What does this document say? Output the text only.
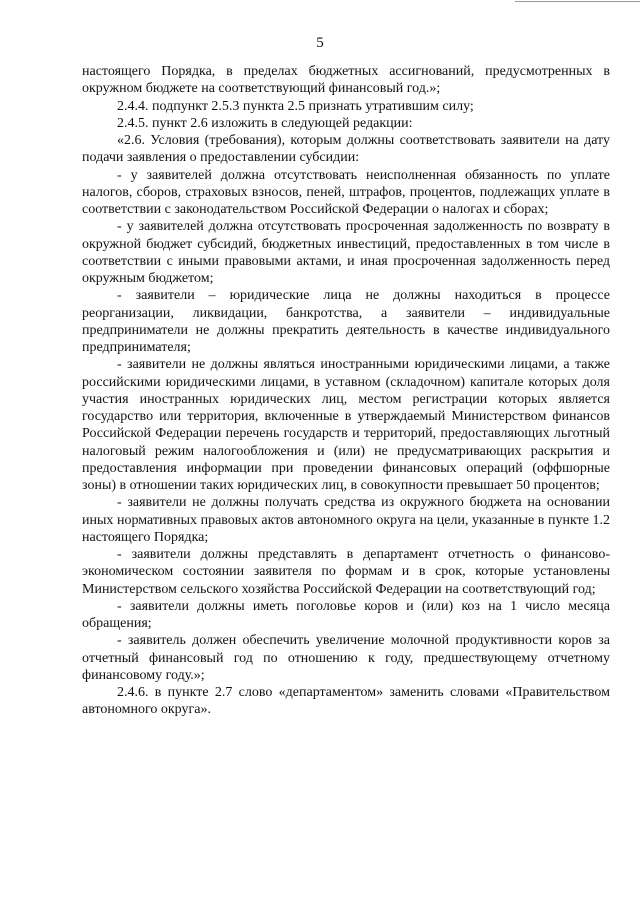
5

настоящего Порядка, в пределах бюджетных ассигнований, предусмотренных в окружном бюджете на соответствующий финансовый год.»;

2.4.4. подпункт 2.5.3 пункта 2.5 признать утратившим силу;

2.4.5. пункт 2.6 изложить в следующей редакции:

«2.6. Условия (требования), которым должны соответствовать заявители на дату подачи заявления о предоставлении субсидии:

- у заявителей должна отсутствовать неисполненная обязанность по уплате налогов, сборов, страховых взносов, пеней, штрафов, процентов, подлежащих уплате в соответствии с законодательством Российской Федерации о налогах и сборах;

- у заявителей должна отсутствовать просроченная задолженность по возврату в окружной бюджет субсидий, бюджетных инвестиций, предоставленных в том числе в соответствии с иными правовыми актами, и иная просроченная задолженность перед окружным бюджетом;

- заявители – юридические лица не должны находиться в процессе реорганизации, ликвидации, банкротства, а заявители – индивидуальные предприниматели не должны прекратить деятельность в качестве индивидуального предпринимателя;

- заявители не должны являться иностранными юридическими лицами, а также российскими юридическими лицами, в уставном (складочном) капитале которых доля участия иностранных юридических лиц, местом регистрации которых является государство или территория, включенные в утверждаемый Министерством финансов Российской Федерации перечень государств и территорий, предоставляющих льготный налоговый режим налогообложения и (или) не предусматривающих раскрытия и предоставления информации при проведении финансовых операций (оффшорные зоны) в отношении таких юридических лиц, в совокупности превышает 50 процентов;

- заявители не должны получать средства из окружного бюджета на основании иных нормативных правовых актов автономного округа на цели, указанные в пункте 1.2 настоящего Порядка;

- заявители должны представлять в департамент отчетность о финансово-экономическом состоянии заявителя по формам и в срок, которые установлены Министерством сельского хозяйства Российской Федерации на соответствующий год;

- заявители должны иметь поголовье коров и (или) коз на 1 число месяца обращения;

- заявитель должен обеспечить увеличение молочной продуктивности коров за отчетный финансовый год по отношению к году, предшествующему отчетному финансовому году.»;

2.4.6. в пункте 2.7 слово «департаментом» заменить словами «Правительством автономного округа».
